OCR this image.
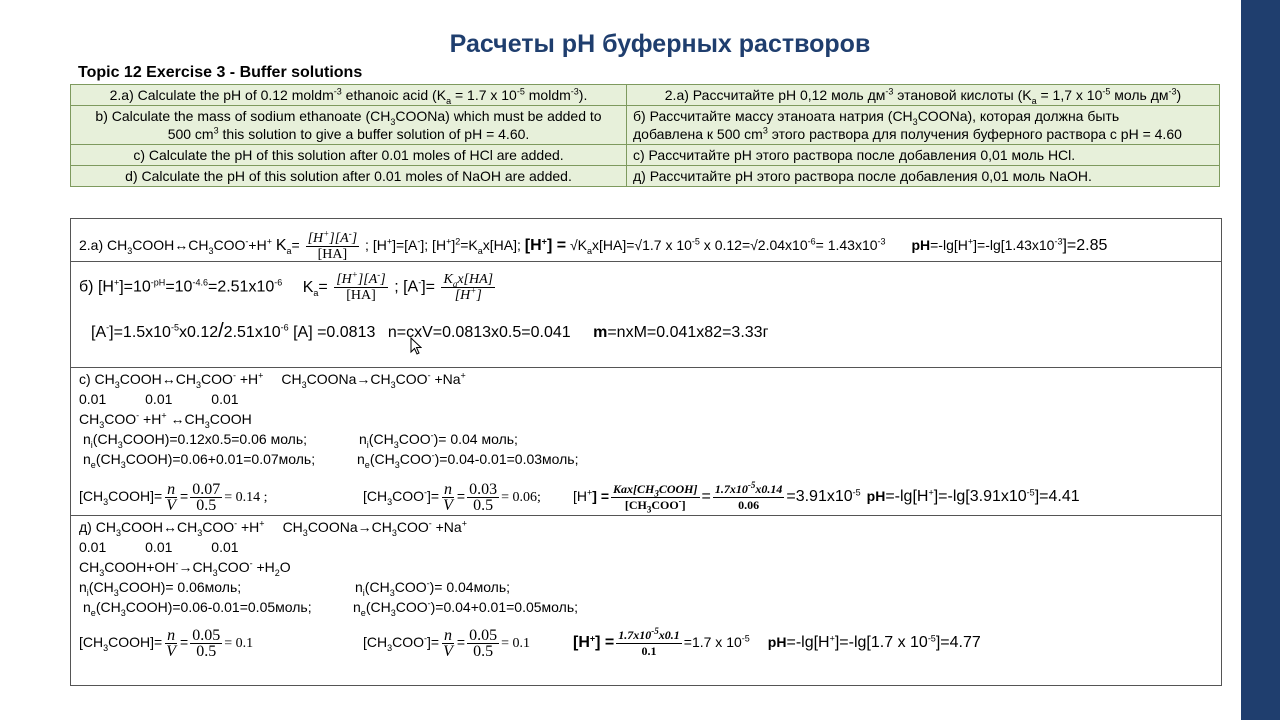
Расчеты pH буферных растворов
Topic 12 Exercise 3 - Buffer solutions
2.a) Calculate the pH of 0.12 moldm$^{-3}$ ethanoic acid ($K_a = 1.7$ x $10^{-5}$ moldm$^{-3}$).	2.a) Рассчитайте pH 0,12 моль $дм^{-3}$ этановой кислоты ($K_a = 1,7$ x $10^{-5}$ моль $дм^{-3}$)
b) Calculate the mass of sodium ethanoate $(CH_3COONa)$ which must be added to
500 $cm^3$ this solution to give a buffer solution of pH = 4.60.	б) Рассчитайте массу этаноата натрия $(CH_3COONa)$, которая должна быть
добавлена к 500 $cm^3$ этого раствора для получения буферного раствора с pH = 4.60
c) Calculate the pH of this solution after 0.01 moles of HCl are added.	с) Рассчитайте pH этого раствора после добавления 0,01 моль HCl.
d) Calculate the pH of this solution after 0.01 moles of NaOH are added.	д) Рассчитайте pH этого раствора после добавления 0,01 моль NaOH.
2.a) $CH_3COOH\leftrightarrow CH_3COO^-+H^+$ $K_a= \frac{[H^+][A^-]}{[HA]}$ ; [H+]=[A-]; $[H^+]^2=K_ax[HA]$; $[H^+] = √K_ax[HA]=√1.7$ x $10^{-5}$ x $0.12=√2.04x10^{-6}= 1.43x10^{-3}$ $pH=-\lg[H^+]=-\lg[1.43x10^{-3}]=2.85$
б) $[H^+]=10^{-pH}=10^{-4.6}=2.51x10^{-6}$ $K_a= \frac{[H^+][A^-]}{[HA]}$ ; $[A^-]= \frac{K_ax[HA]}{[H^+]}$
$[A^-]=1.5x10^{-5}x0.12/2.51x10^{-6}$ [A] =0.0813 n=cxV=0.0813x0.5=0.041 m=nxM=0.041x82=3.33г
с) $CH_3COOH\leftrightarrow CH_3COO^- +H^+$ $CH_3COONa\to CH_3COO^- +Na^+$
0.01          0.01          0.01
$CH_3COO^- +H^+$ $\leftrightarrow CH_3COOH$
$n_i(CH_3COOH)=0.12x0.5=0.06$ моль;	$n_i(CH_3COO^-)= 0.04$ моль;
$n_e(CH_3COOH)=0.06+0.01=0.07моль$;	$n_e(CH_3COO^-)=0.04-0.01=0.03моль$;
$[CH_3COOH]= \frac{n}{V} = \frac{0.07}{0.5} = 0.14$ ;	$[CH_3COO^-]= \frac{n}{V} = \frac{0.03}{0.5} = 0.06$; $[H^+] = \frac{Kax[CH_3COOH]}{[CH_3COO^-]} = \frac{1.7x10^{-5}x0.14}{0.06} =3.91x10^{-5}$ $pH=-\lg[H^+]=-\lg[3.91x10^{-5}]=4.41$
д) $CH_3COOH\leftrightarrow CH_3COO^- +H^+$ $CH_3COONa\to CH_3COO^- +Na^+$
0.01          0.01          0.01
$CH_3COOH+OH^-\to CH_3COO^- +H_2O$
$n_i(CH_3COOH)=$ 0.06моль;	$n_i(CH_3COO^-)=$ 0.04моль;
$n_e(CH_3COOH)=0.06-0.01=0.05моль$;	$n_e(CH_3COO^-)=0.04+0.01=0.05моль$;
$[CH_3COOH]= \frac{n}{V} = \frac{0.05}{0.5} = 0.1$	$[CH_3COO^-]= \frac{n}{V} = \frac{0.05}{0.5} = 0.1$	$[H^+] = \frac{1.7x10^{-5}x0.1}{0.1} =1.7$ x $10^{-5}$ pH=-lg[H+]=-lg[1.7 x $10^{-5}]=4.77$
